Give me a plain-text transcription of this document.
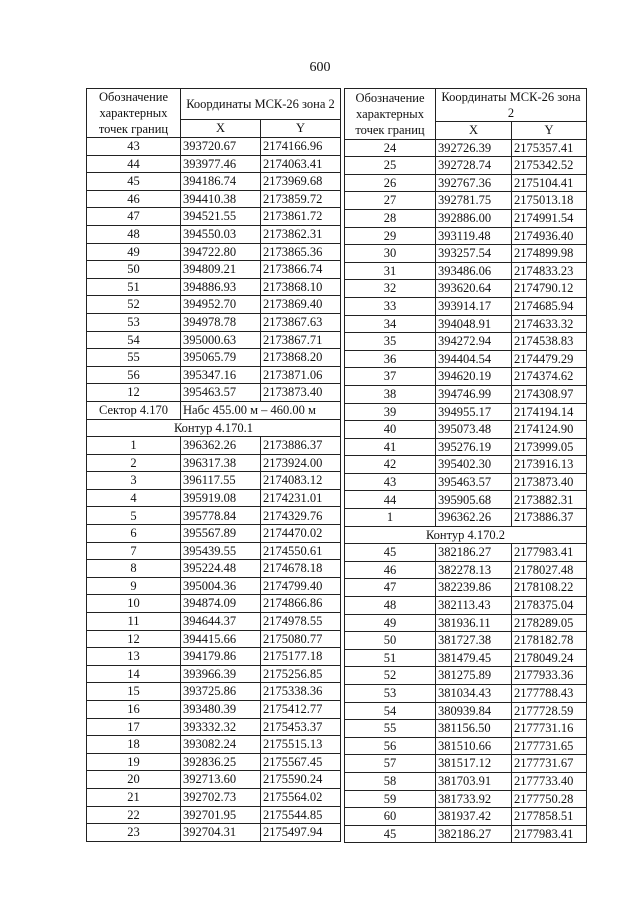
600
Обозначение характерных точек границ	Координаты МСК-26 зона 2	
	X	Y
43	393720.67	2174166.96
44	393977.46	2174063.41
45	394186.74	2173969.68
46	394410.38	2173859.72
47	394521.55	2173861.72
48	394550.03	2173862.31
49	394722.80	2173865.36
50	394809.21	2173866.74
51	394886.93	2173868.10
52	394952.70	2173869.40
53	394978.78	2173867.63
54	395000.63	2173867.71
55	395065.79	2173868.20
56	395347.16	2173871.06
12	395463.57	2173873.40
Сектор 4.170	Набс 455.00 м – 460.00 м	
Контур 4.170.1		
1	396362.26	2173886.37
2	396317.38	2173924.00
3	396117.55	2174083.12
4	395919.08	2174231.01
5	395778.84	2174329.76
6	395567.89	2174470.02
7	395439.55	2174550.61
8	395224.48	2174678.18
9	395004.36	2174799.40
10	394874.09	2174866.86
11	394644.37	2174978.55
12	394415.66	2175080.77
13	394179.86	2175177.18
14	393966.39	2175256.85
15	393725.86	2175338.36
16	393480.39	2175412.77
17	393332.32	2175453.37
18	393082.24	2175515.13
19	392836.25	2175567.45
20	392713.60	2175590.24
21	392702.73	2175564.02
22	392701.95	2175544.85
23	392704.31	2175497.94
Обозначение характерных точек границ	Координаты МСК-26 зона 2	
	X	Y
24	392726.39	2175357.41
25	392728.74	2175342.52
26	392767.36	2175104.41
27	392781.75	2175013.18
28	392886.00	2174991.54
29	393119.48	2174936.40
30	393257.54	2174899.98
31	393486.06	2174833.23
32	393620.64	2174790.12
33	393914.17	2174685.94
34	394048.91	2174633.32
35	394272.94	2174538.83
36	394404.54	2174479.29
37	394620.19	2174374.62
38	394746.99	2174308.97
39	394955.17	2174194.14
40	395073.48	2174124.90
41	395276.19	2173999.05
42	395402.30	2173916.13
43	395463.57	2173873.40
44	395905.68	2173882.31
1	396362.26	2173886.37
Контур 4.170.2		
45	382186.27	2177983.41
46	382278.13	2178027.48
47	382239.86	2178108.22
48	382113.43	2178375.04
49	381936.11	2178289.05
50	381727.38	2178182.78
51	381479.45	2178049.24
52	381275.89	2177933.36
53	381034.43	2177788.43
54	380939.84	2177728.59
55	381156.50	2177731.16
56	381510.66	2177731.65
57	381517.12	2177731.67
58	381703.91	2177733.40
59	381733.92	2177750.28
60	381937.42	2177858.51
45	382186.27	2177983.41
